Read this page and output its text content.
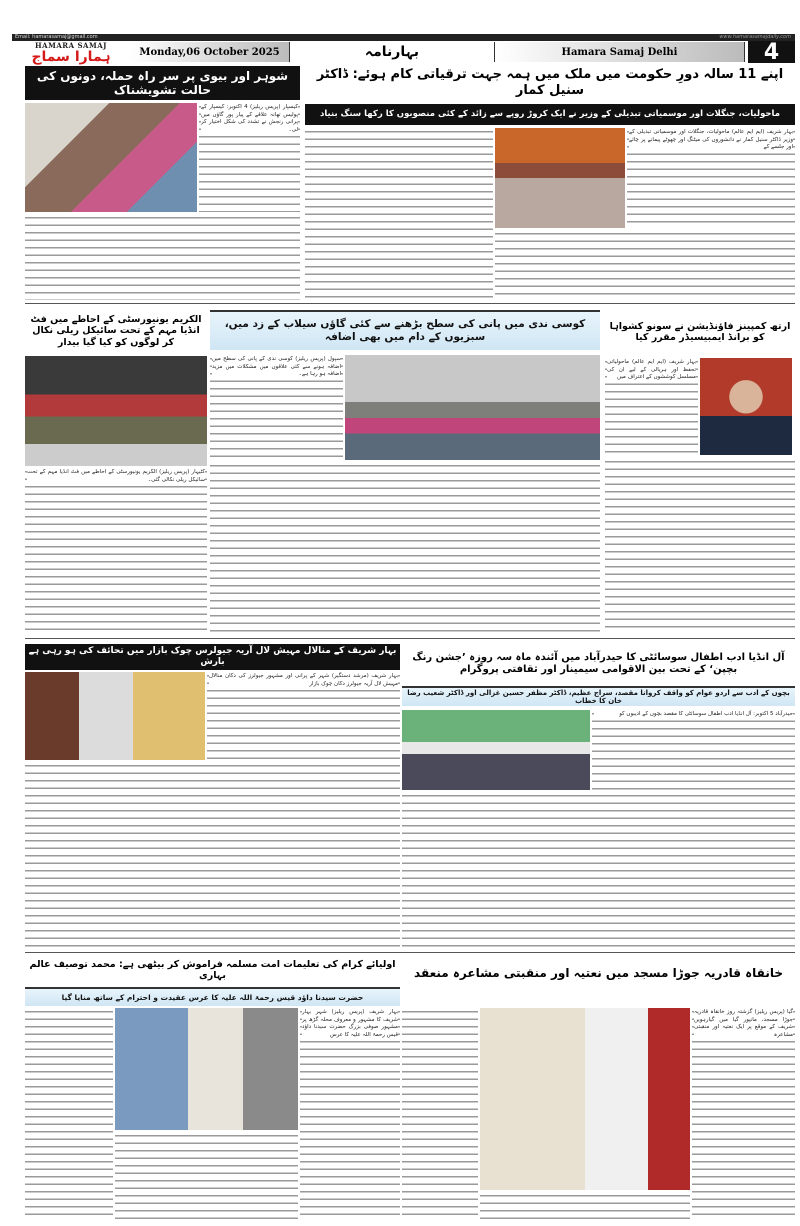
Email: hamarasamaj@gmail.com	www.hamarasamajdaily.com
HAMARA SAMAJ
ہمارا سماج	Monday,06 October 2025	بہارنامہ	Hamara Samaj Delhi	4
شوہر اور بیوی پر سر راہ حملہ، دونوں کی حالت تشویشناک

کیسپار (پریس ریلیز) 4 اکتوبر: کیسپار کے پولیس تھانہ علاقے کے پیار پور گاؤں میں پرانی رنجش نے تشدد کی شکل اختیار کر لی۔

اپنے 11 سالہ دورِ حکومت میں ملک میں ہمہ جہت ترقیاتی کام ہوئے: ڈاکٹر سنیل کمار
ماحولیات، جنگلات اور موسمیاتی تبدیلی کے وزیر نے ایک کروڑ روپے سے زائد کے کئی منصوبوں کا رکھا سنگ بنیاد

بہار شریف (ایم ایم عالم) ماحولیات، جنگلات اور موسمیاتی تبدیلی کے وزیر ڈاکٹر سنیل کمار نے دانشوروں کی میٹنگ اور چھوٹے پیمانے پر چائے اور جلسے کے

الکریم یونیورسٹی کے احاطے میں فٹ انڈیا مہم کے تحت سائیکل ریلی نکال کر لوگوں کو کیا گیا بیدار

کٹیہار (پریس ریلیز) الکریم یونیورسٹی کے احاطے میں فٹ انڈیا مہم کے تحت سائیکل ریلی نکالی گئی۔

کوسی ندی میں پانی کی سطح بڑھنے سے کئی گاؤں سیلاب کے زد میں، سبزیوں کے دام میں بھی اضافہ

سپول (پریس ریلیز) کوسی ندی کے پانی کی سطح میں اضافہ ہونے سے کئی علاقوں میں مشکلات میں مزید اضافہ ہو رہا ہے۔

ارتھ کمپینز فاؤنڈیشن نے سونو کشواہا کو برانڈ ایمبیسیڈر مقرر کیا

بہار شریف (ایم ایم عالم) ماحولیاتی تحفظ اور ہریالی کے لیے ان کی مسلسل کوششوں کے اعتراف میں

بہار شریف کے منالال مہیش لال آریہ جیولرس چوک بازار میں تحائف کی ہو رہی ہے بارش

بہار شریف (مرشد دستگیر) شہر کے پرانی اور مشہور جیولرز کی دکان منالال مہیش لال آریہ جیولرز دکان چوک بازار

آل انڈیا ادب اطفال سوسائٹی کا حیدرآباد میں آئندہ ماہ سہ روزہ ’جشن رنگ بچپن‘ کے تحت بین الاقوامی سیمینار اور ثقافتی پروگرام
بچوں کے ادب سے اردو عوام کو واقف کروانا مقصد، سراج عظیم، ڈاکٹر مظفر حسین غزالی اور ڈاکٹر شعیب رضا خان کا خطاب

حیدرآباد 5 اکتوبر: آل انڈیا ادب اطفال سوسائٹی کا مقصد بچوں کے ادیبوں کو

اولیائے کرام کی تعلیمات امت مسلمہ فراموش کر بیٹھی ہے: محمد توصیف عالم بہاری
حضرت سیدنا داؤد قیس رحمۃ اللہ علیہ کا عرس عقیدت و احترام کے ساتھ منایا گیا

بہار شریف (پریس ریلیز) شہر بہار شریف کا مشہور و معروف محلہ گڑھ پر مشہور صوفی بزرگ حضرت سیدنا داؤد قیس رحمۃ اللہ علیہ کا عرس

خانقاہ قادریہ جوڑا مسجد میں نعتیہ اور منقبتی مشاعرہ منعقد

گیا (پریس ریلیز) گزشتہ روز خانقاہ قادریہ جوڑا مسجد، مانپور گیا میں گیارہویں شریف کے موقع پر ایک نعتیہ اور منقبتی مشاعرہ
